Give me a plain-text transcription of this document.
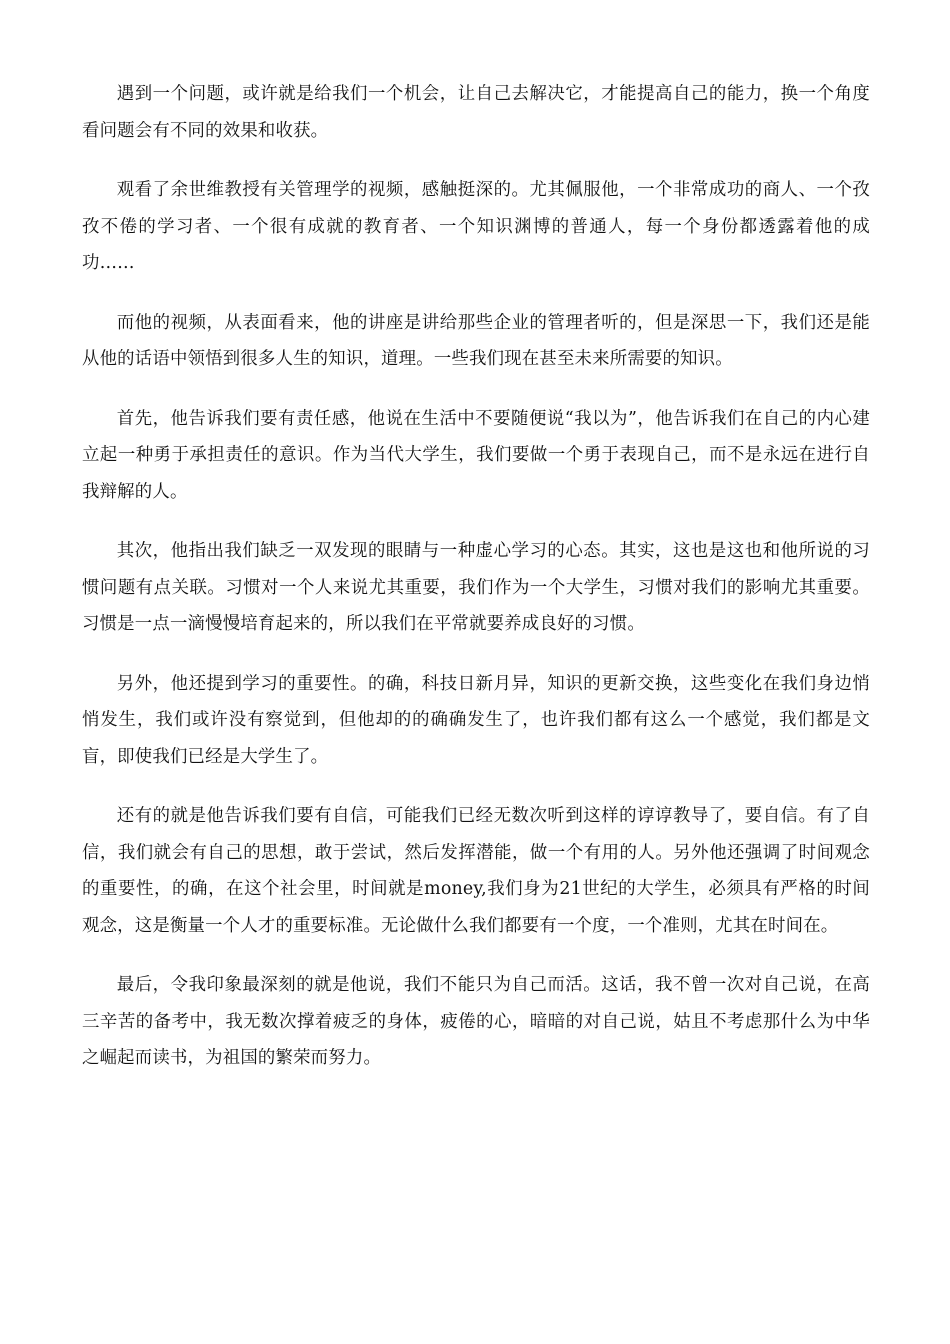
遇到一个问题，或许就是给我们一个机会，让自己去解决它，才能提高自己的能力，换一个角度看问题会有不同的效果和收获。

观看了余世维教授有关管理学的视频，感触挺深的。尤其佩服他，一个非常成功的商人、一个孜孜不倦的学习者、一个很有成就的教育者、一个知识渊博的普通人，每一个身份都透露着他的成功……

而他的视频，从表面看来，他的讲座是讲给那些企业的管理者听的，但是深思一下，我们还是能从他的话语中领悟到很多人生的知识，道理。一些我们现在甚至未来所需要的知识。

首先，他告诉我们要有责任感，他说在生活中不要随便说“我以为”，他告诉我们在自己的内心建立起一种勇于承担责任的意识。作为当代大学生，我们要做一个勇于表现自己，而不是永远在进行自我辩解的人。

其次，他指出我们缺乏一双发现的眼睛与一种虚心学习的心态。其实，这也是这也和他所说的习惯问题有点关联。习惯对一个人来说尤其重要，我们作为一个大学生，习惯对我们的影响尤其重要。习惯是一点一滴慢慢培育起来的，所以我们在平常就要养成良好的习惯。

另外，他还提到学习的重要性。的确，科技日新月异，知识的更新交换，这些变化在我们身边悄悄发生，我们或许没有察觉到，但他却的的确确发生了，也许我们都有这么一个感觉，我们都是文盲，即使我们已经是大学生了。

还有的就是他告诉我们要有自信，可能我们已经无数次听到这样的谆谆教导了，要自信。有了自信，我们就会有自己的思想，敢于尝试，然后发挥潜能，做一个有用的人。另外他还强调了时间观念的重要性，的确，在这个社会里，时间就是money,我们身为21世纪的大学生，必须具有严格的时间观念，这是衡量一个人才的重要标准。无论做什么我们都要有一个度，一个准则，尤其在时间在。

最后，令我印象最深刻的就是他说，我们不能只为自己而活。这话，我不曾一次对自己说，在高三辛苦的备考中，我无数次撑着疲乏的身体，疲倦的心，暗暗的对自己说，姑且不考虑那什么为中华之崛起而读书，为祖国的繁荣而努力。
